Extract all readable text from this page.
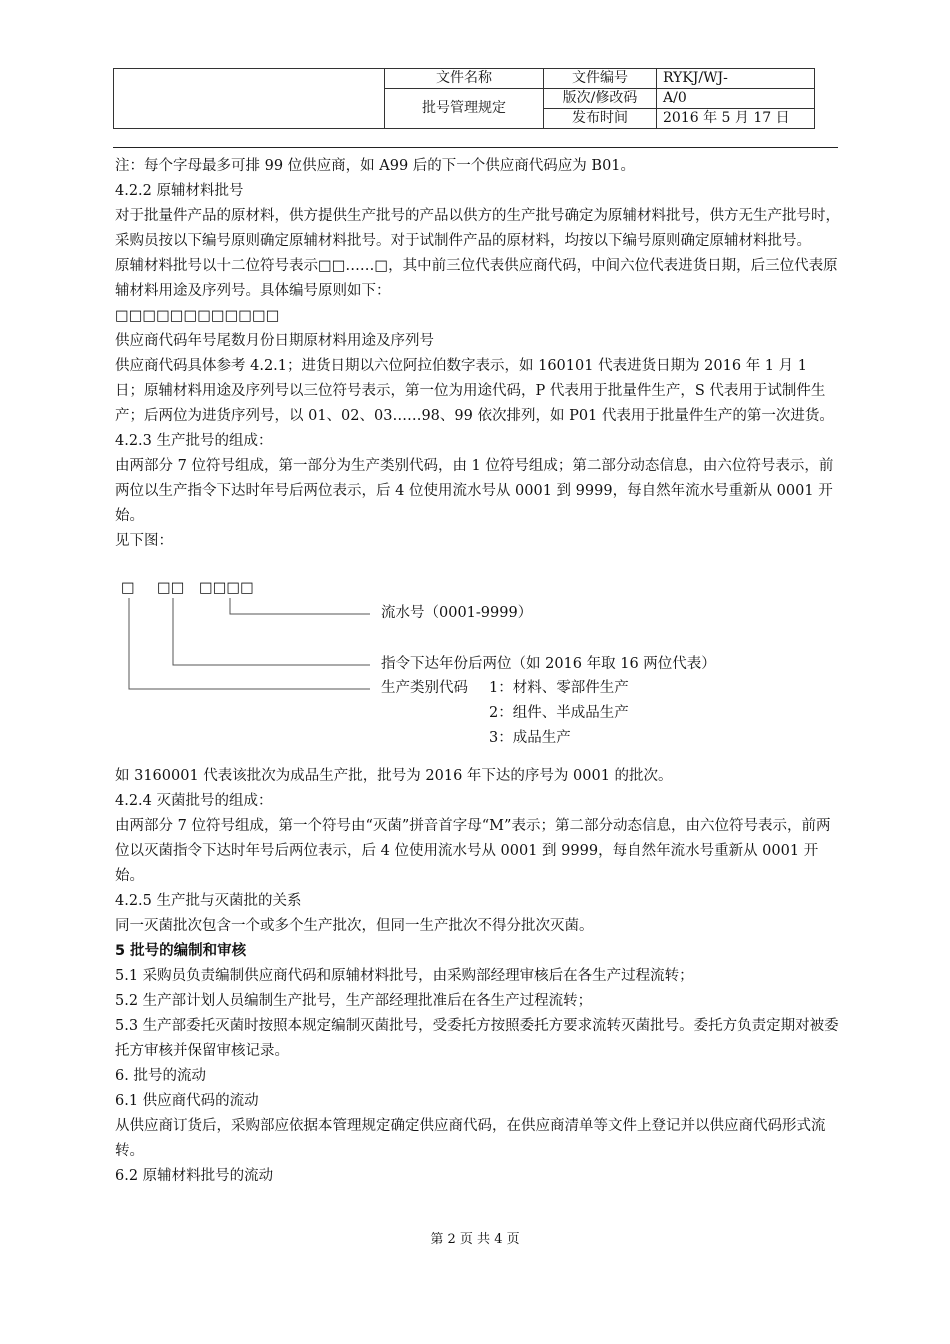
	文件名称	文件编号	RYKJ/WJ-
	批号管理规定	版次/修改码	A/0
		发布时间	2016 年 5 月 17 日

注：每个字母最多可排 99 位供应商，如 A99 后的下一个供应商代码应为 B01。

4.2.2 原辅材料批号

对于批量件产品的原材料，供方提供生产批号的产品以供方的生产批号确定为原辅材料批号，供方无生产批号时，采购员按以下编号原则确定原辅材料批号。对于试制件产品的原材料，均按以下编号原则确定原辅材料批号。

原辅材料批号以十二位符号表示□□……□，其中前三位代表供应商代码，中间六位代表进货日期，后三位代表原辅材料用途及序列号。具体编号原则如下：

□□□□□□□□□□□□

供应商代码年号尾数月份日期原材料用途及序列号

供应商代码具体参考 4.2.1；进货日期以六位阿拉伯数字表示，如 160101 代表进货日期为 2016 年 1 月 1 日；原辅材料用途及序列号以三位符号表示，第一位为用途代码，P 代表用于批量件生产，S 代表用于试制件生产；后两位为进货序列号，以 01、02、03……98、99 依次排列，如 P01 代表用于批量件生产的第一次进货。

4.2.3 生产批号的组成：

由两部分 7 位符号组成，第一部分为生产类别代码，由 1 位符号组成；第二部分动态信息，由六位符号表示，前两位以生产指令下达时年号后两位表示，后 4 位使用流水号从 0001 到 9999，每自然年流水号重新从 0001 开始。

见下图：

□ □□ □□□□
流水号（0001-9999）
指令下达年份后两位（如 2016 年取 16 两位代表）
生产类别代码 1：材料、零部件生产
2：组件、半成品生产
3：成品生产

如 3160001 代表该批次为成品生产批，批号为 2016 年下达的序号为 0001 的批次。

4.2.4 灭菌批号的组成：

由两部分 7 位符号组成，第一个符号由“灭菌”拼音首字母“M”表示；第二部分动态信息，由六位符号表示，前两位以灭菌指令下达时年号后两位表示，后 4 位使用流水号从 0001 到 9999，每自然年流水号重新从 0001 开始。

4.2.5 生产批与灭菌批的关系

同一灭菌批次包含一个或多个生产批次，但同一生产批次不得分批次灭菌。

5 批号的编制和审核

5.1 采购员负责编制供应商代码和原辅材料批号，由采购部经理审核后在各生产过程流转；

5.2 生产部计划人员编制生产批号，生产部经理批准后在各生产过程流转；

5.3 生产部委托灭菌时按照本规定编制灭菌批号，受委托方按照委托方要求流转灭菌批号。委托方负责定期对被委托方审核并保留审核记录。

6. 批号的流动

6.1 供应商代码的流动

从供应商订货后，采购部应依据本管理规定确定供应商代码，在供应商清单等文件上登记并以供应商代码形式流转。

6.2 原辅材料批号的流动

第 2 页 共 4 页
